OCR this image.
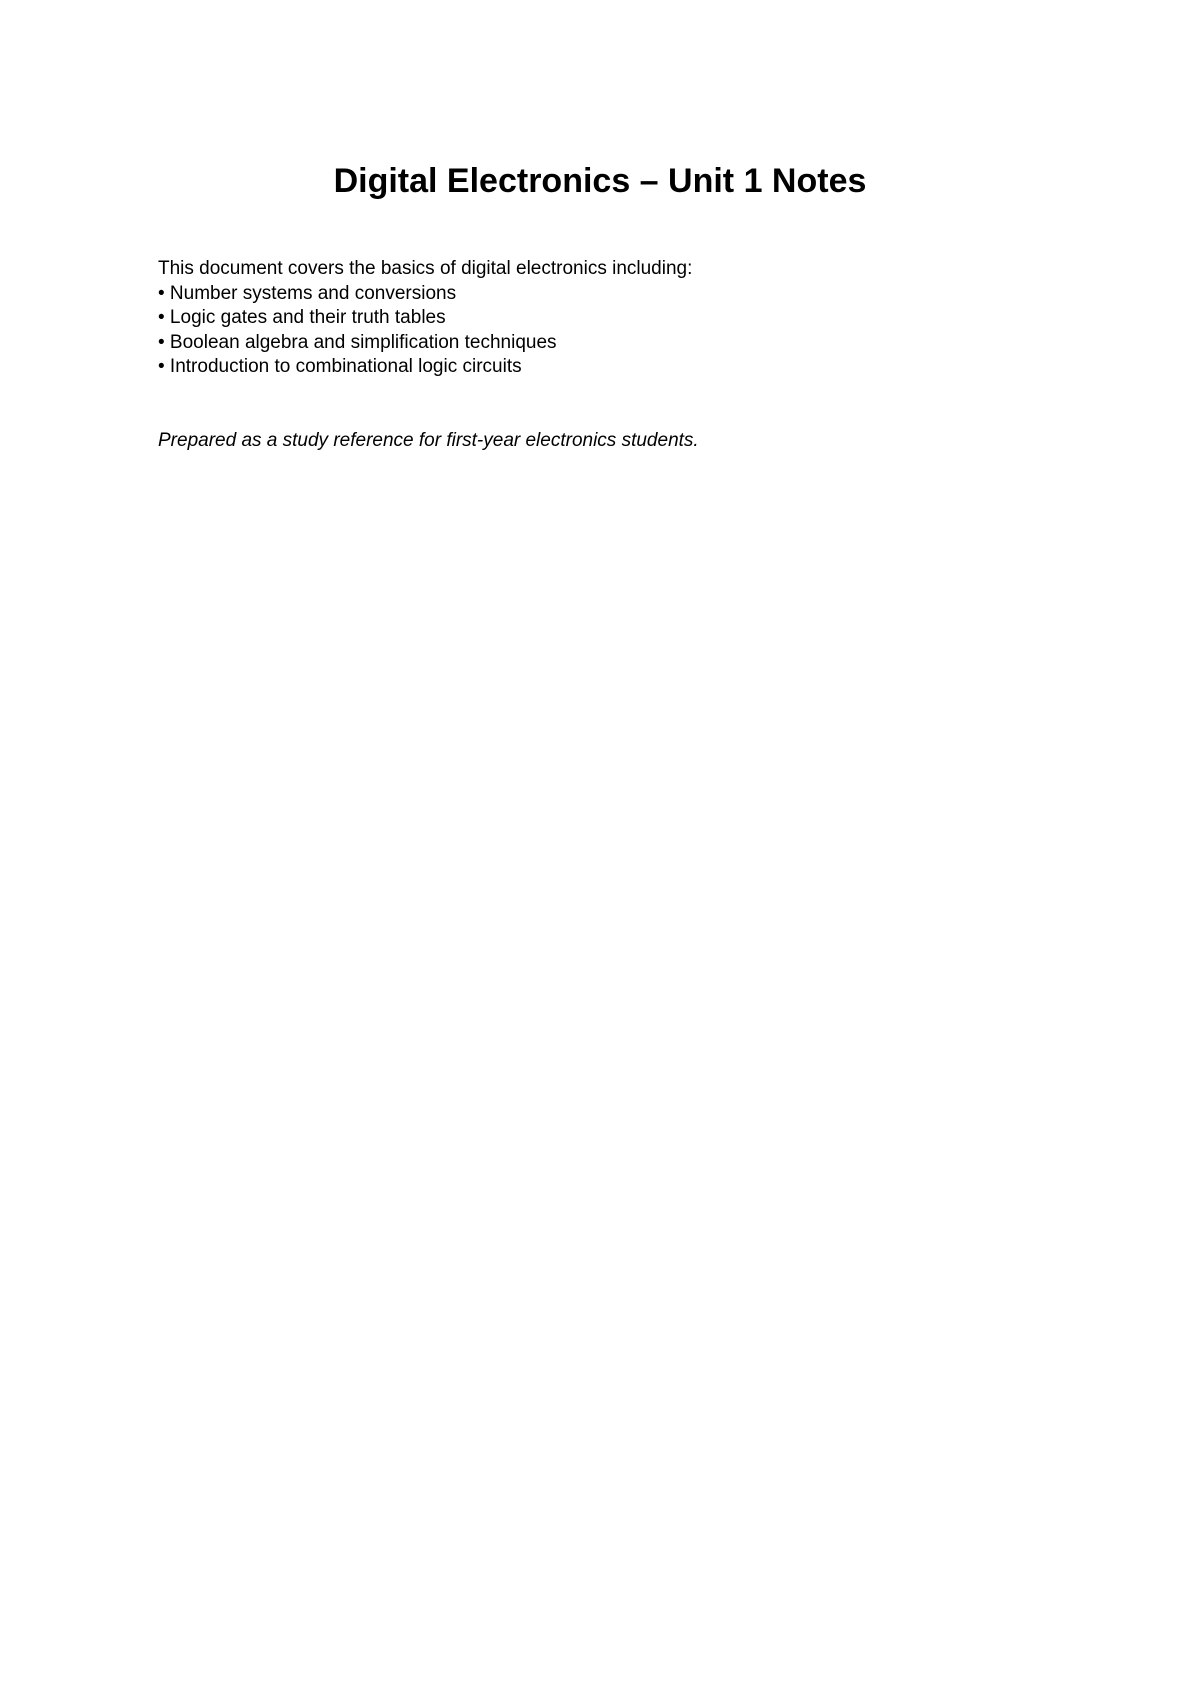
Digital Electronics – Unit 1 Notes

This document covers the basics of digital electronics including:

• Number systems and conversions
• Logic gates and their truth tables
• Boolean algebra and simplification techniques
• Introduction to combinational logic circuits

Prepared as a study reference for first-year electronics students.
